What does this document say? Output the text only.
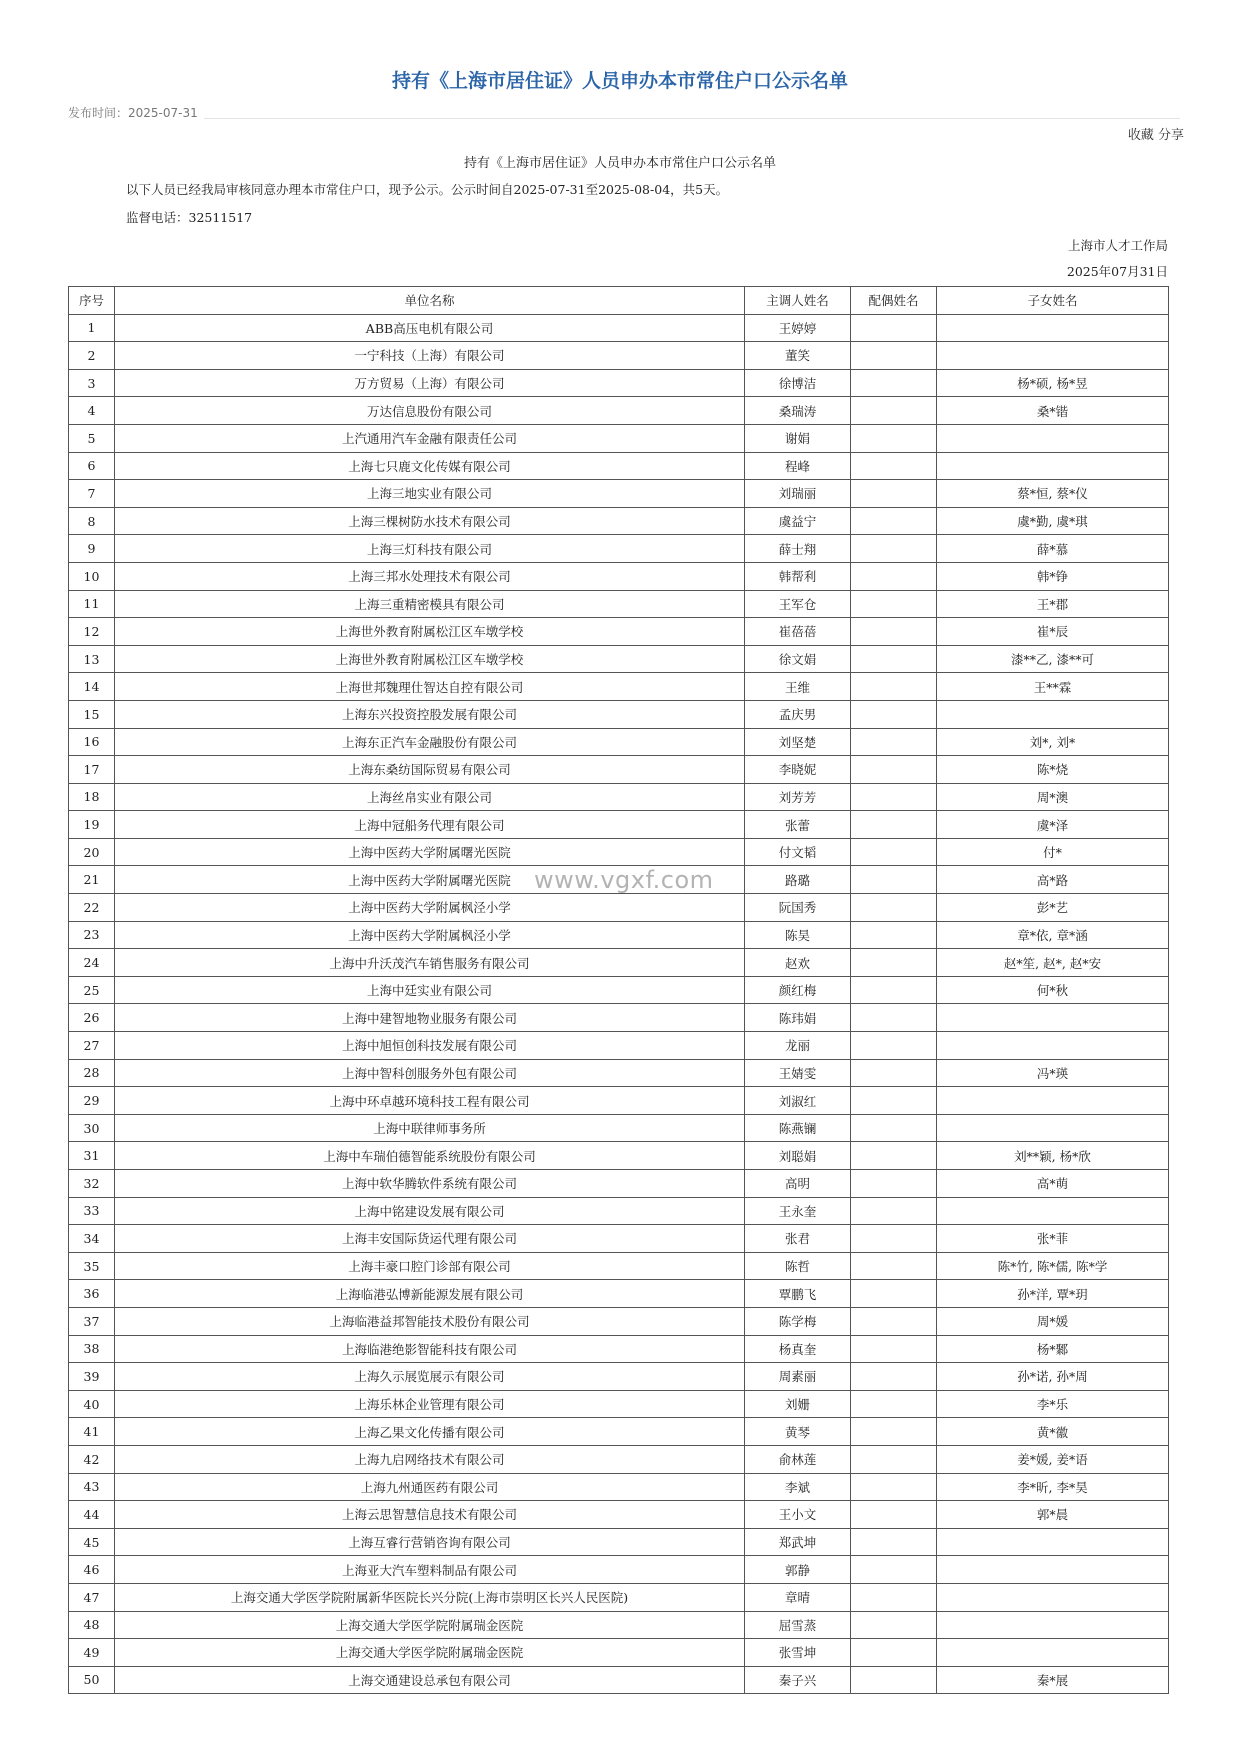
持有《上海市居住证》人员申办本市常住户口公示名单
发布时间：2025-07-31
收藏 分享
持有《上海市居住证》人员申办本市常住户口公示名单
以下人员已经我局审核同意办理本市常住户口，现予公示。公示时间自2025-07-31至2025-08-04，共5天。
监督电话：32511517
上海市人才工作局
2025年07月31日
序号	单位名称	主调人姓名	配偶姓名	子女姓名
1	ABB高压电机有限公司	王婷婷		
2	一宁科技（上海）有限公司	董笑		
3	万方贸易（上海）有限公司	徐博洁		杨*硕, 杨*昱
4	万达信息股份有限公司	桑瑞涛		桑*锴
5	上汽通用汽车金融有限责任公司	谢娟		
6	上海七只鹿文化传媒有限公司	程峰		
7	上海三地实业有限公司	刘瑞丽		蔡*恒, 蔡*仪
8	上海三棵树防水技术有限公司	虞益宁		虞*勤, 虞*琪
9	上海三灯科技有限公司	薛士翔		薛*慕
10	上海三邦水处理技术有限公司	韩帮利		韩*铮
11	上海三重精密模具有限公司	王军仓		王*郡
12	上海世外教育附属松江区车墩学校	崔蓓蓓		崔*辰
13	上海世外教育附属松江区车墩学校	徐文娟		漆**乙, 漆**可
14	上海世邦魏理仕智达自控有限公司	王维		王**霖
15	上海东兴投资控股发展有限公司	孟庆男		
16	上海东正汽车金融股份有限公司	刘坚楚		刘*, 刘*
17	上海东桑纺国际贸易有限公司	李晓妮		陈*烧
18	上海丝帛实业有限公司	刘芳芳		周*澳
19	上海中冠船务代理有限公司	张蕾		虞*泽
20	上海中医药大学附属曙光医院	付文韬		付*
21	上海中医药大学附属曙光医院	路璐		高*路
22	上海中医药大学附属枫泾小学	阮国秀		彭*艺
23	上海中医药大学附属枫泾小学	陈昊		章*依, 章*涵
24	上海中升沃茂汽车销售服务有限公司	赵欢		赵*笙, 赵*, 赵*安
25	上海中廷实业有限公司	颜红梅		何*秋
26	上海中建智地物业服务有限公司	陈玮娟		
27	上海中旭恒创科技发展有限公司	龙丽		
28	上海中智科创服务外包有限公司	王婧雯		冯*瑛
29	上海中环卓越环境科技工程有限公司	刘淑红		
30	上海中联律师事务所	陈燕镧		
31	上海中车瑞伯德智能系统股份有限公司	刘聪娟		刘**颖, 杨*欣
32	上海中软华腾软件系统有限公司	高明		高*萌
33	上海中铭建设发展有限公司	王永奎		
34	上海丰安国际货运代理有限公司	张君		张*菲
35	上海丰豪口腔门诊部有限公司	陈哲		陈*竹, 陈*儒, 陈*学
36	上海临港弘博新能源发展有限公司	覃鹏飞		孙*洋, 覃*玥
37	上海临港益邦智能技术股份有限公司	陈学梅		周*媛
38	上海临港绝影智能科技有限公司	杨真奎		杨*鄹
39	上海久示展览展示有限公司	周素丽		孙*诺, 孙*周
40	上海乐林企业管理有限公司	刘姗		李*乐
41	上海乙果文化传播有限公司	黄琴		黄*徽
42	上海九启网络技术有限公司	俞林莲		姜*媛, 姜*语
43	上海九州通医药有限公司	李斌		李*昕, 李*昊
44	上海云思智慧信息技术有限公司	王小文		郭*晨
45	上海互睿行营销咨询有限公司	郑武坤		
46	上海亚大汽车塑料制品有限公司	郭静		
47	上海交通大学医学院附属新华医院长兴分院(上海市崇明区长兴人民医院)	章晴		
48	上海交通大学医学院附属瑞金医院	屈雪蒸		
49	上海交通大学医学院附属瑞金医院	张雪坤		
50	上海交通建设总承包有限公司	秦子兴		秦*展
www.vgxf.com
